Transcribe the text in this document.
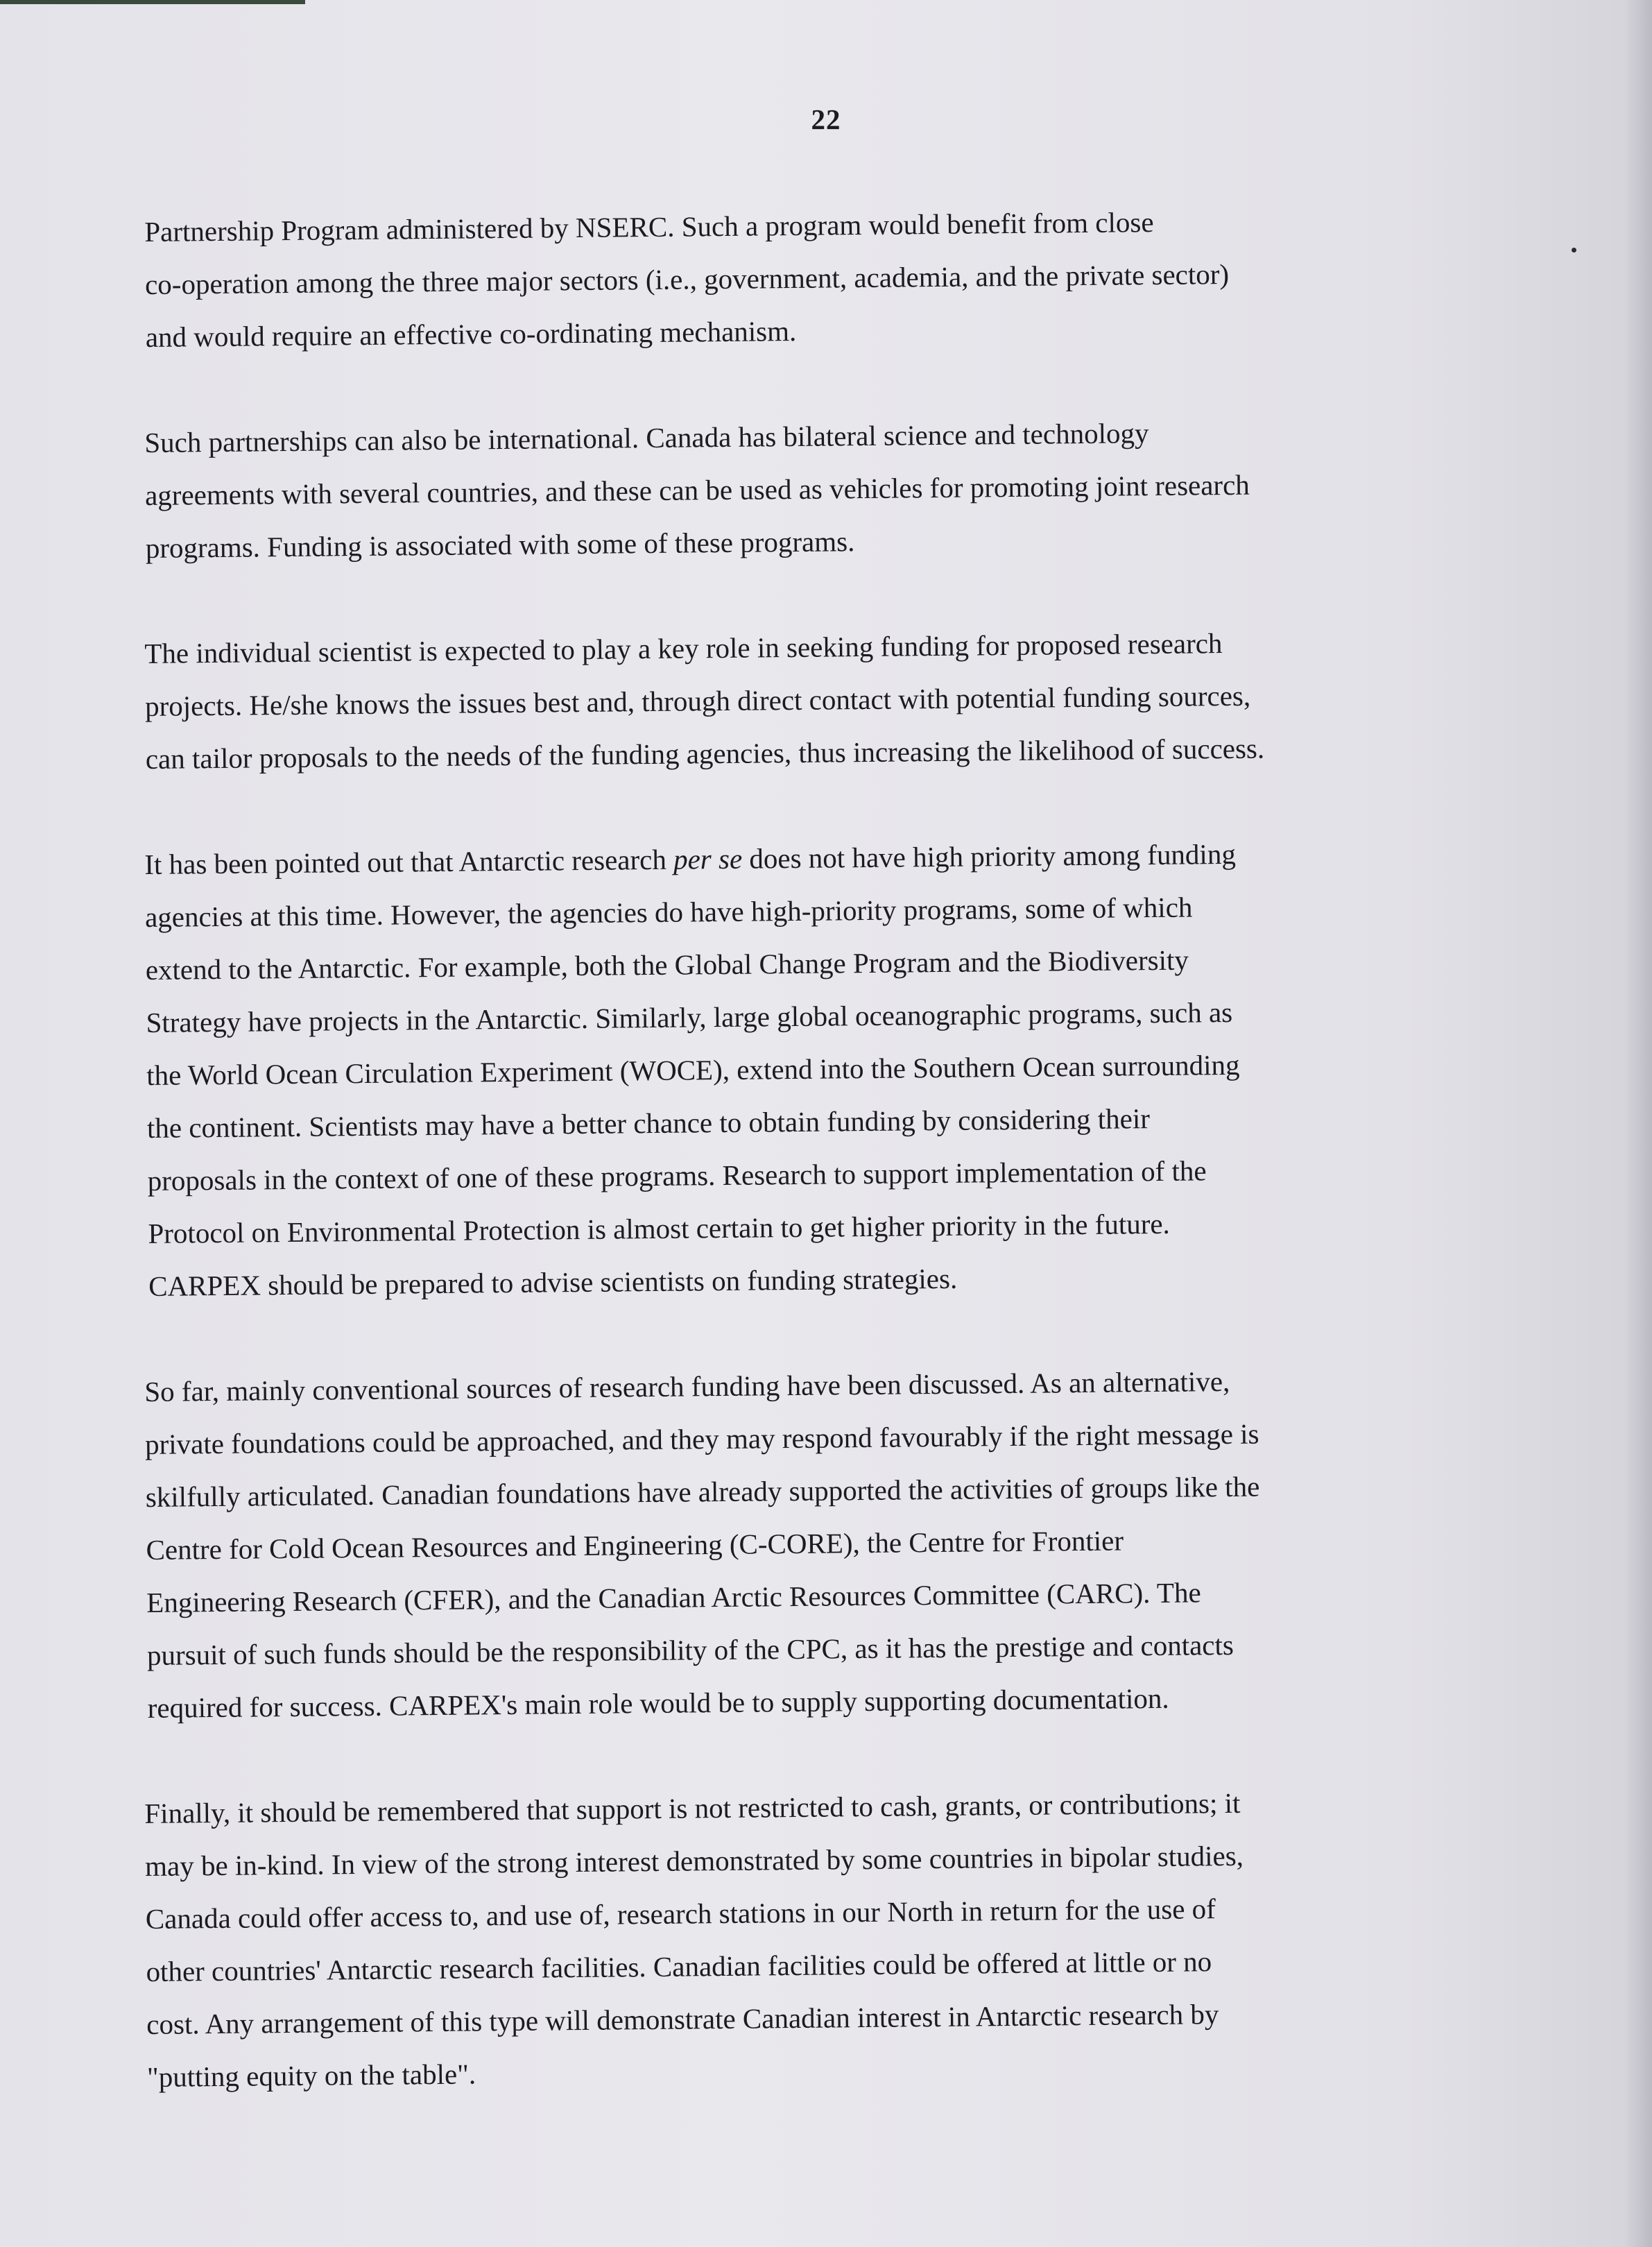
22

Partnership Program administered by NSERC. Such a program would benefit from close
co-operation among the three major sectors (i.e., government, academia, and the private sector)
and would require an effective co-ordinating mechanism.

Such partnerships can also be international. Canada has bilateral science and technology
agreements with several countries, and these can be used as vehicles for promoting joint research
programs. Funding is associated with some of these programs.

The individual scientist is expected to play a key role in seeking funding for proposed research
projects. He/she knows the issues best and, through direct contact with potential funding sources,
can tailor proposals to the needs of the funding agencies, thus increasing the likelihood of success.

It has been pointed out that Antarctic research per se does not have high priority among funding
agencies at this time. However, the agencies do have high-priority programs, some of which
extend to the Antarctic. For example, both the Global Change Program and the Biodiversity
Strategy have projects in the Antarctic. Similarly, large global oceanographic programs, such as
the World Ocean Circulation Experiment (WOCE), extend into the Southern Ocean surrounding
the continent. Scientists may have a better chance to obtain funding by considering their
proposals in the context of one of these programs. Research to support implementation of the
Protocol on Environmental Protection is almost certain to get higher priority in the future.
CARPEX should be prepared to advise scientists on funding strategies.

So far, mainly conventional sources of research funding have been discussed. As an alternative,
private foundations could be approached, and they may respond favourably if the right message is
skilfully articulated. Canadian foundations have already supported the activities of groups like the
Centre for Cold Ocean Resources and Engineering (C-CORE), the Centre for Frontier
Engineering Research (CFER), and the Canadian Arctic Resources Committee (CARC). The
pursuit of such funds should be the responsibility of the CPC, as it has the prestige and contacts
required for success. CARPEX's main role would be to supply supporting documentation.

Finally, it should be remembered that support is not restricted to cash, grants, or contributions; it
may be in-kind. In view of the strong interest demonstrated by some countries in bipolar studies,
Canada could offer access to, and use of, research stations in our North in return for the use of
other countries' Antarctic research facilities. Canadian facilities could be offered at little or no
cost. Any arrangement of this type will demonstrate Canadian interest in Antarctic research by
"putting equity on the table".
